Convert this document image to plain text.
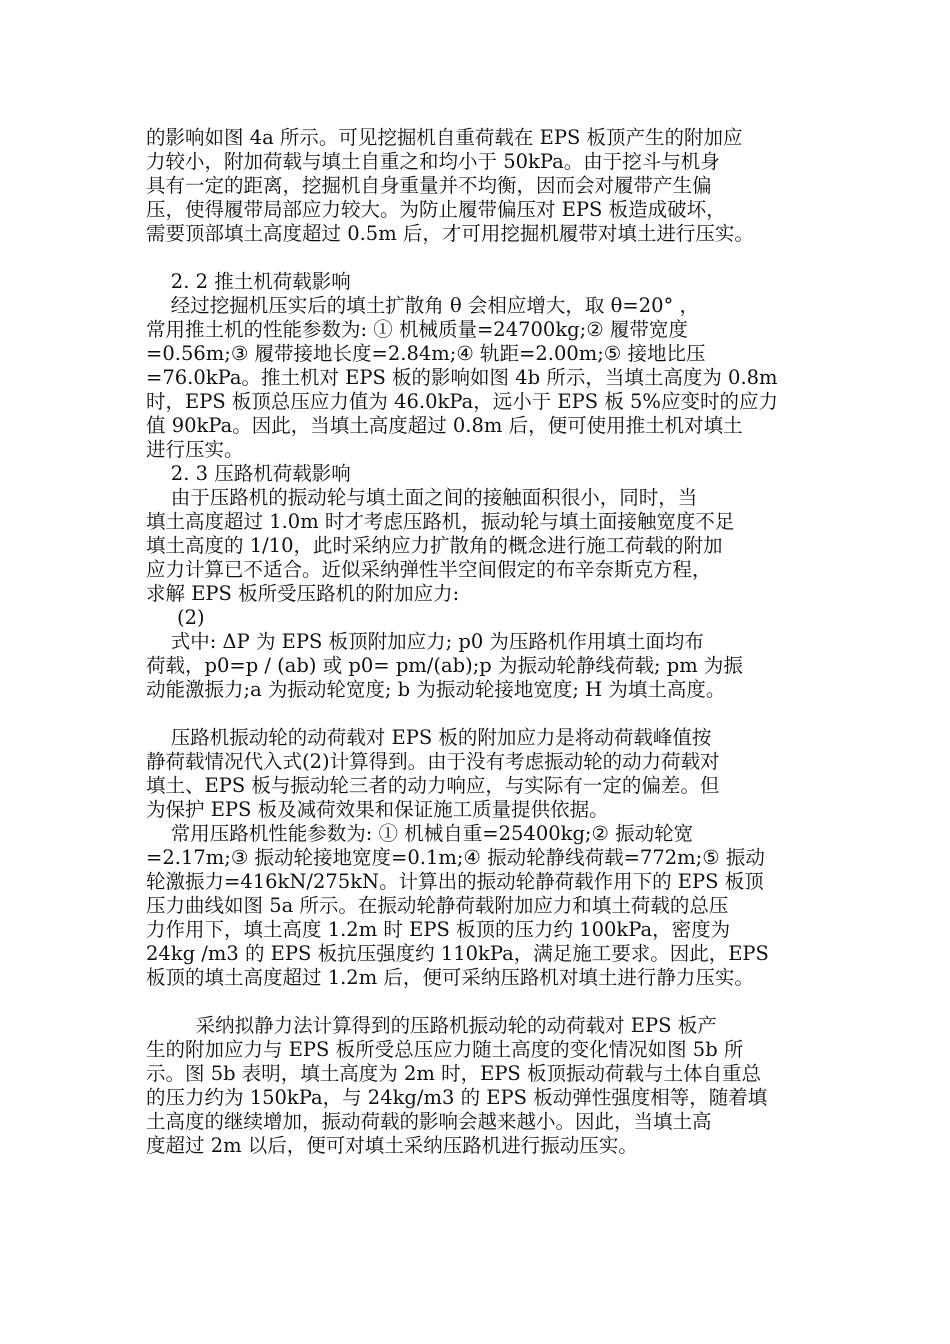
的影响如图 4a 所示。可见挖掘机自重荷载在 EPS 板顶产生的附加应
力较小，附加荷载与填土自重之和均小于 50kPa。由于挖斗与机身
具有一定的距离，挖掘机自身重量并不均衡，因而会对履带产生偏
压，使得履带局部应力较大。为防止履带偏压对 EPS 板造成破坏，
需要顶部填土高度超过 0.5m 后，才可用挖掘机履带对填土进行压实。
2. 2 推土机荷载影响
经过挖掘机压实后的填土扩散角 θ 会相应增大，取 θ=20° ，
常用推土机的性能参数为: ① 机械质量=24700kg;② 履带宽度
=0.56m;③ 履带接地长度=2.84m;④ 轨距=2.00m;⑤ 接地比压
=76.0kPa。推土机对 EPS 板的影响如图 4b 所示，当填土高度为 0.8m
时，EPS 板顶总压应力值为 46.0kPa，远小于 EPS 板 5%应变时的应力
值 90kPa。因此，当填土高度超过 0.8m 后，便可使用推土机对填土
进行压实。
2. 3 压路机荷载影响
由于压路机的振动轮与填土面之间的接触面积很小，同时，当
填土高度超过 1.0m 时才考虑压路机，振动轮与填土面接触宽度不足
填土高度的 1/10，此时采纳应力扩散角的概念进行施工荷载的附加
应力计算已不适合。近似采纳弹性半空间假定的布辛奈斯克方程，
求解 EPS 板所受压路机的附加应力:
(2)
式中: ΔP 为 EPS 板顶附加应力; p0 为压路机作用填土面均布
荷载，p0=p / (ab) 或 p0= pm/(ab);p 为振动轮静线荷载; pm 为振
动能激振力;a 为振动轮宽度; b 为振动轮接地宽度; H 为填土高度。
压路机振动轮的动荷载对 EPS 板的附加应力是将动荷载峰值按
静荷载情况代入式(2)计算得到。由于没有考虑振动轮的动力荷载对
填土、EPS 板与振动轮三者的动力响应，与实际有一定的偏差。但
为保护 EPS 板及减荷效果和保证施工质量提供依据。
常用压路机性能参数为: ① 机械自重=25400kg;② 振动轮宽
=2.17m;③ 振动轮接地宽度=0.1m;④ 振动轮静线荷载=772m;⑤ 振动
轮激振力=416kN/275kN。计算出的振动轮静荷载作用下的 EPS 板顶
压力曲线如图 5a 所示。在振动轮静荷载附加应力和填土荷载的总压
力作用下，填土高度 1.2m 时 EPS 板顶的压力约 100kPa，密度为
24kg /m3 的 EPS 板抗压强度约 110kPa，满足施工要求。因此，EPS
板顶的填土高度超过 1.2m 后，便可采纳压路机对填土进行静力压实。
采纳拟静力法计算得到的压路机振动轮的动荷载对 EPS 板产
生的附加应力与 EPS 板所受总压应力随土高度的变化情况如图 5b 所
示。图 5b 表明，填土高度为 2m 时，EPS 板顶振动荷载与土体自重总
的压力约为 150kPa，与 24kg/m3 的 EPS 板动弹性强度相等，随着填
土高度的继续增加，振动荷载的影响会越来越小。因此，当填土高
度超过 2m 以后，便可对填土采纳压路机进行振动压实。
